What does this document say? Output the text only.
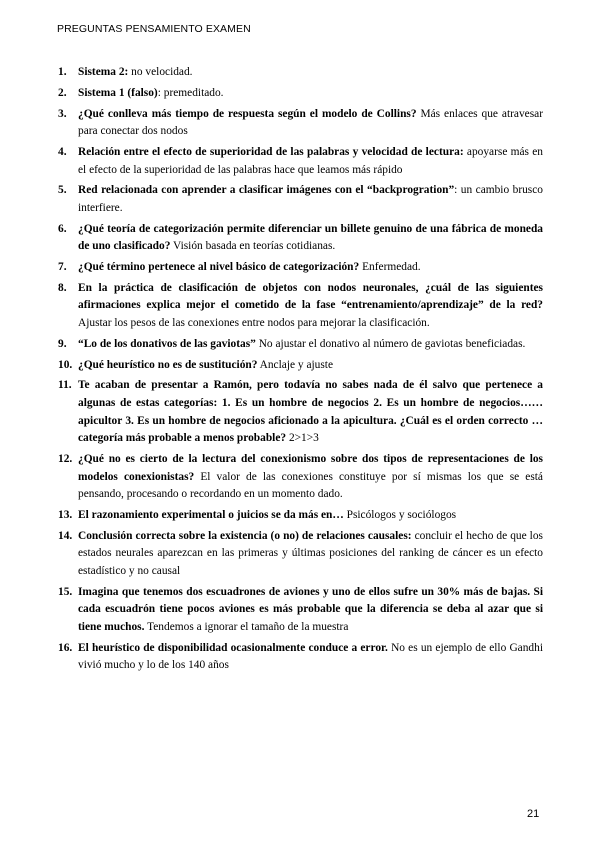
PREGUNTAS PENSAMIENTO EXAMEN
1.	Sistema 2: no velocidad.
2.	Sistema 1 (falso): premeditado.
3.	¿Qué conlleva más tiempo de respuesta según el modelo de Collins? Más enlaces que atravesar para conectar dos nodos
4.	Relación entre el efecto de superioridad de las palabras y velocidad de lectura: apoyarse más en el efecto de la superioridad de las palabras hace que leamos más rápido
5.	Red relacionada con aprender a clasificar imágenes con el “backprogration”: un cambio brusco interfiere.
6.	¿Qué teoría de categorización permite diferenciar un billete genuino de una fábrica de moneda de uno clasificado? Visión basada en teorías cotidianas.
7.	¿Qué término pertenece al nivel básico de categorización? Enfermedad.
8.	En la práctica de clasificación de objetos con nodos neuronales, ¿cuál de las siguientes afirmaciones explica mejor el cometido de la fase “entrenamiento/aprendizaje” de la red? Ajustar los pesos de las conexiones entre nodos para mejorar la clasificación.
9.	“Lo de los donativos de las gaviotas” No ajustar el donativo al número de gaviotas beneficiadas.
10. ¿Qué heurístico no es de sustitución? Anclaje y ajuste
11. Te acaban de presentar a Ramón, pero todavía no sabes nada de él salvo que pertenece a algunas de estas categorías: 1. Es un hombre de negocios 2. Es un hombre de negocios…… apicultor 3. Es un hombre de negocios aficionado a la apicultura. ¿Cuál es el orden correcto … categoría más probable a menos probable? 2>1>3
12. ¿Qué no es cierto de la lectura del conexionismo sobre dos tipos de representaciones de los modelos conexionistas? El valor de las conexiones constituye por sí mismas los que se está pensando, procesando o recordando en un momento dado.
13. El razonamiento experimental o juicios se da más en… Psicólogos y sociólogos
14. Conclusión correcta sobre la existencia (o no) de relaciones causales: concluir el hecho de que los estados neurales aparezcan en las primeras y últimas posiciones del ranking de cáncer es un efecto estadístico y no causal
15. Imagina que tenemos dos escuadrones de aviones y uno de ellos sufre un 30% más de bajas. Si cada escuadrón tiene pocos aviones es más probable que la diferencia se deba al azar que si tiene muchos. Tendemos a ignorar el tamaño de la muestra
16. El heurístico de disponibilidad ocasionalmente conduce a error. No es un ejemplo de ello Gandhi vivió mucho y lo de los 140 años
21
